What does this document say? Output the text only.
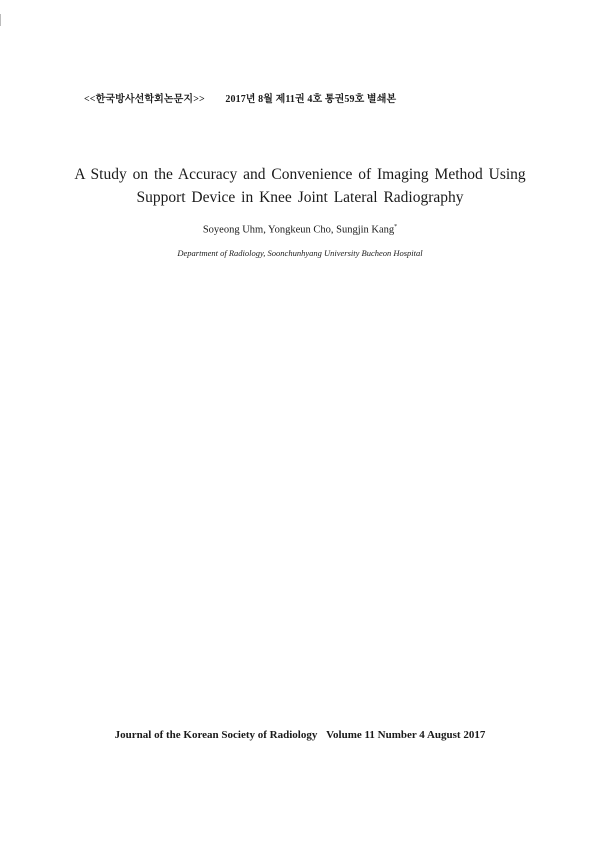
<<한국방사선학회논문지>> 2017년 8월 제11권 4호 통권59호 별쇄본
A Study on the Accuracy and Convenience of Imaging Method Using
Support Device in Knee Joint Lateral Radiography
Soyeong Uhm, Yongkeun Cho, Sungjin Kang*
Department of Radiology, Soonchunhyang University Bucheon Hospital
Journal of the Korean Society of Radiology Volume 11 Number 4 August 2017
